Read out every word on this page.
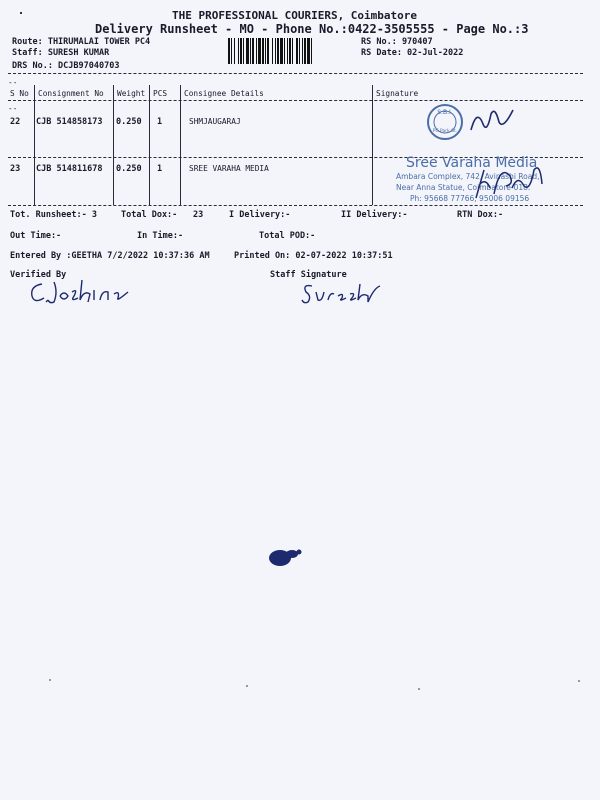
THE PROFESSIONAL COURIERS, Coimbatore
Delivery Runsheet - MO - Phone No.:0422-3505555 - Page No.:3
Route: THIRUMALAI TOWER PC4
Staff: SURESH KUMAR
DRS No.: DCJB97040703
RS No.: 970407
RS Date: 02-Jul-2022
--
S No Consignment No Weight PCS Consignee Details	Signature
--
22 CJB 514858173 0.250 1	SHMJAUGARAJ
S.B.I.
PC Park St.
23 CJB 514811678 0.250 1	SREE VARAHA MEDIA	Sree Varaha Media
Ambara Complex, 742, Avinashi Road,
Near Anna Statue, Coimbatore-018.
Ph: 95668 77766, 95006 09156
Tot. Runsheet:- 3	Total Dox:- 23	I Delivery:-	II Delivery:-	RTN Dox:-
Out Time:-	In Time:-	Total POD:-
Entered By :GEETHA 7/2/2022 10:37:36 AM	Printed On: 02-07-2022 10:37:51
Verified By	Staff Signature
